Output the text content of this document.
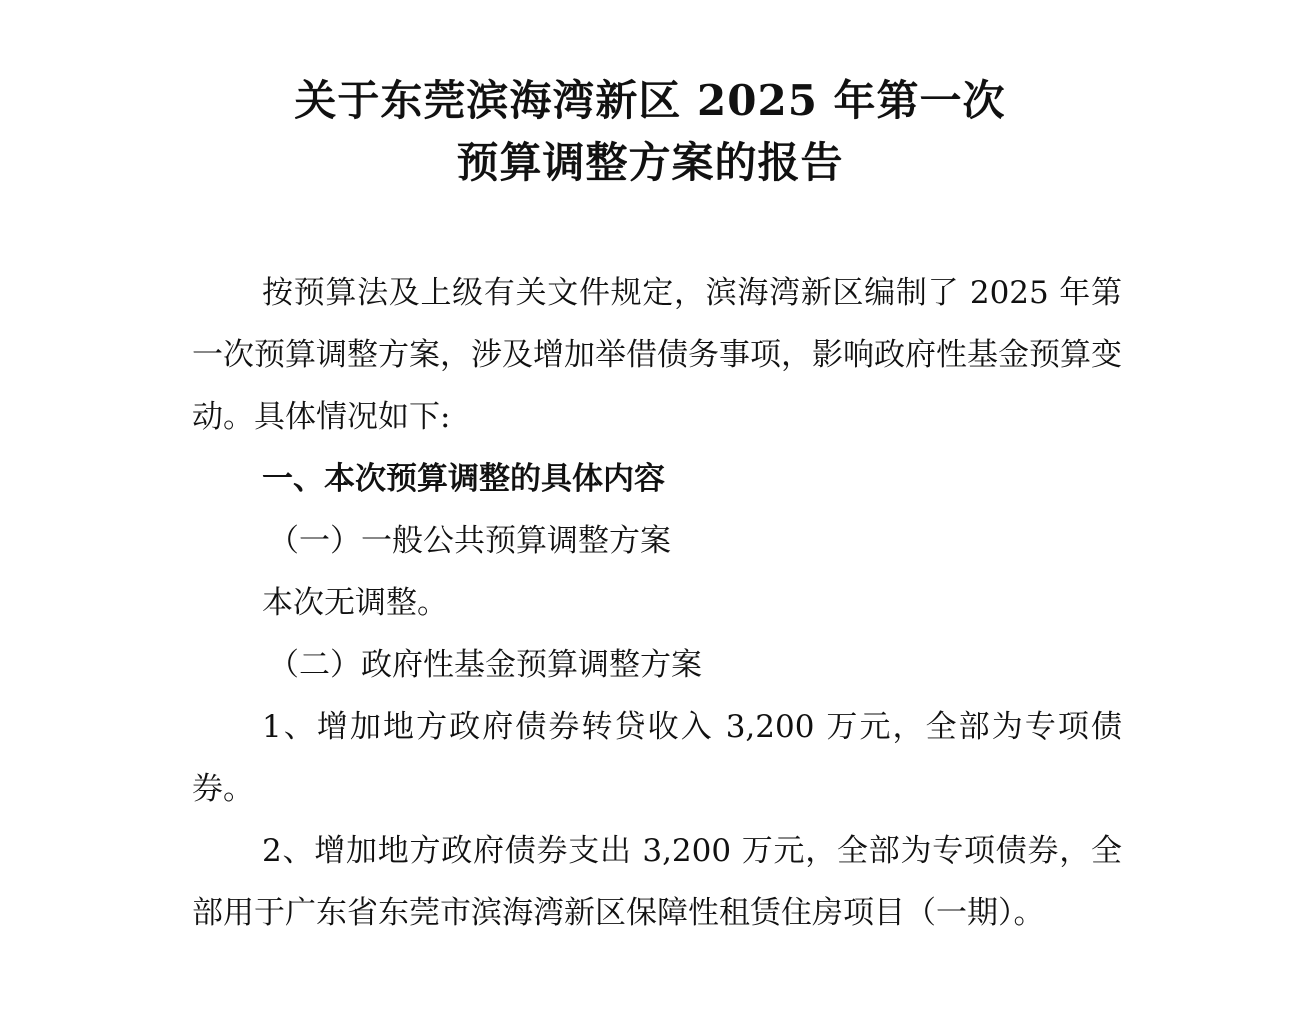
关于东莞滨海湾新区 2025 年第一次
预算调整方案的报告

按预算法及上级有关文件规定，滨海湾新区编制了 2025 年第一次预算调整方案，涉及增加举借债务事项，影响政府性基金预算变动。具体情况如下:

一、本次预算调整的具体内容

（一）一般公共预算调整方案

本次无调整。

（二）政府性基金预算调整方案

1、增加地方政府债券转贷收入 3,200 万元，全部为专项债券。

2、增加地方政府债券支出 3,200 万元，全部为专项债券，全部用于广东省东莞市滨海湾新区保障性租赁住房项目（一期）。
